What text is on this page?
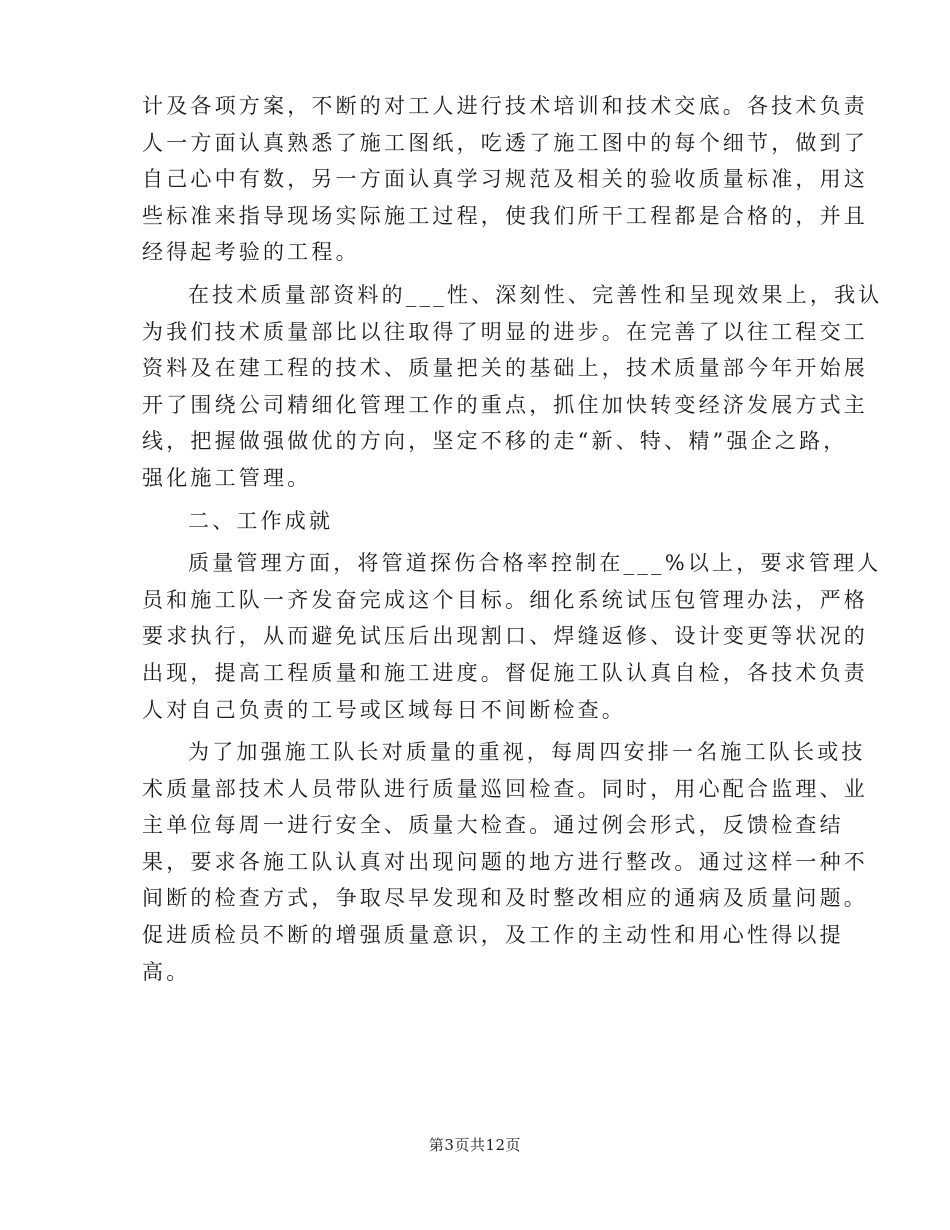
计及各项方案，不断的对工人进行技术培训和技术交底。各技术负责
人一方面认真熟悉了施工图纸，吃透了施工图中的每个细节，做到了
自己心中有数，另一方面认真学习规范及相关的验收质量标准，用这
些标准来指导现场实际施工过程，使我们所干工程都是合格的，并且
经得起考验的工程。
在技术质量部资料的___性、深刻性、完善性和呈现效果上，我认
为我们技术质量部比以往取得了明显的进步。在完善了以往工程交工
资料及在建工程的技术、质量把关的基础上，技术质量部今年开始展
开了围绕公司精细化管理工作的重点，抓住加快转变经济发展方式主
线，把握做强做优的方向，坚定不移的走“新、特、精”强企之路，
强化施工管理。
二、工作成就
质量管理方面，将管道探伤合格率控制在___%以上，要求管理人
员和施工队一齐发奋完成这个目标。细化系统试压包管理办法，严格
要求执行，从而避免试压后出现割口、焊缝返修、设计变更等状况的
出现，提高工程质量和施工进度。督促施工队认真自检，各技术负责
人对自己负责的工号或区域每日不间断检查。
为了加强施工队长对质量的重视，每周四安排一名施工队长或技
术质量部技术人员带队进行质量巡回检查。同时，用心配合监理、业
主单位每周一进行安全、质量大检查。通过例会形式，反馈检查结
果，要求各施工队认真对出现问题的地方进行整改。通过这样一种不
间断的检查方式，争取尽早发现和及时整改相应的通病及质量问题。
促进质检员不断的增强质量意识，及工作的主动性和用心性得以提
高。
第3页共12页
